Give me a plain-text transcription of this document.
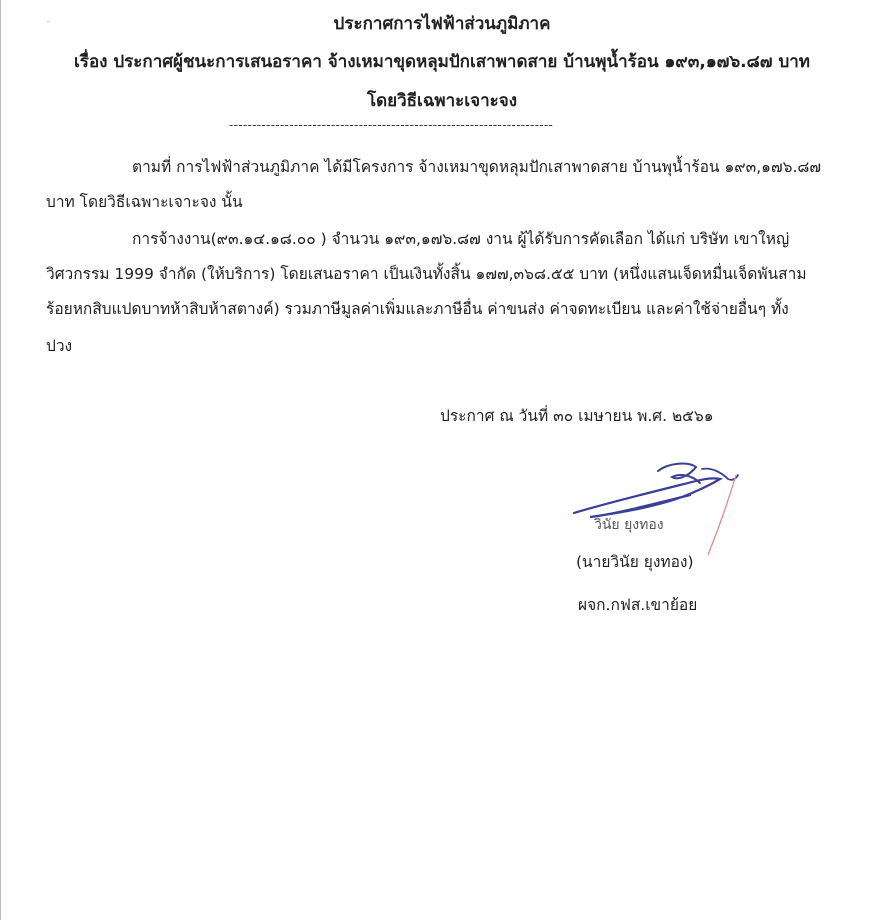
◦	ประกาศการไฟฟ้าส่วนภูมิภาค
เรื่อง ประกาศผู้ชนะการเสนอราคา จ้างเหมาขุดหลุมปักเสาพาดสาย บ้านพุน้ำร้อน ๑๙๓,๑๗๖.๘๗ บาท
โดยวิธีเฉพาะเจาะจง
----------------------------------------------------------------------
ตามที่ การไฟฟ้าส่วนภูมิภาค ได้มีโครงการ จ้างเหมาขุดหลุมปักเสาพาดสาย บ้านพุน้ำร้อน ๑๙๓,๑๗๖.๘๗
บาท โดยวิธีเฉพาะเจาะจง นั้น
การจ้างงาน(๙๓.๑๔.๑๘.๐๐ ) จำนวน ๑๙๓,๑๗๖.๘๗ งาน ผู้ได้รับการคัดเลือก ได้แก่ บริษัท เขาใหญ่
วิศวกรรม 1999 จำกัด (ให้บริการ) โดยเสนอราคา เป็นเงินทั้งสิ้น ๑๗๗,๓๖๘.๕๕ บาท (หนึ่งแสนเจ็ดหมื่นเจ็ดพันสาม
ร้อยหกสิบแปดบาทห้าสิบห้าสตางค์) รวมภาษีมูลค่าเพิ่มและภาษีอื่น ค่าขนส่ง ค่าจดทะเบียน และค่าใช้จ่ายอื่นๆ ทั้ง
ปวง
ประกาศ ณ วันที่ ๓๐ เมษายน พ.ศ. ๒๕๖๑
วินัย ยุงทอง
(นายวินัย ยุงทอง)
ผจก.กฟส.เขาย้อย
